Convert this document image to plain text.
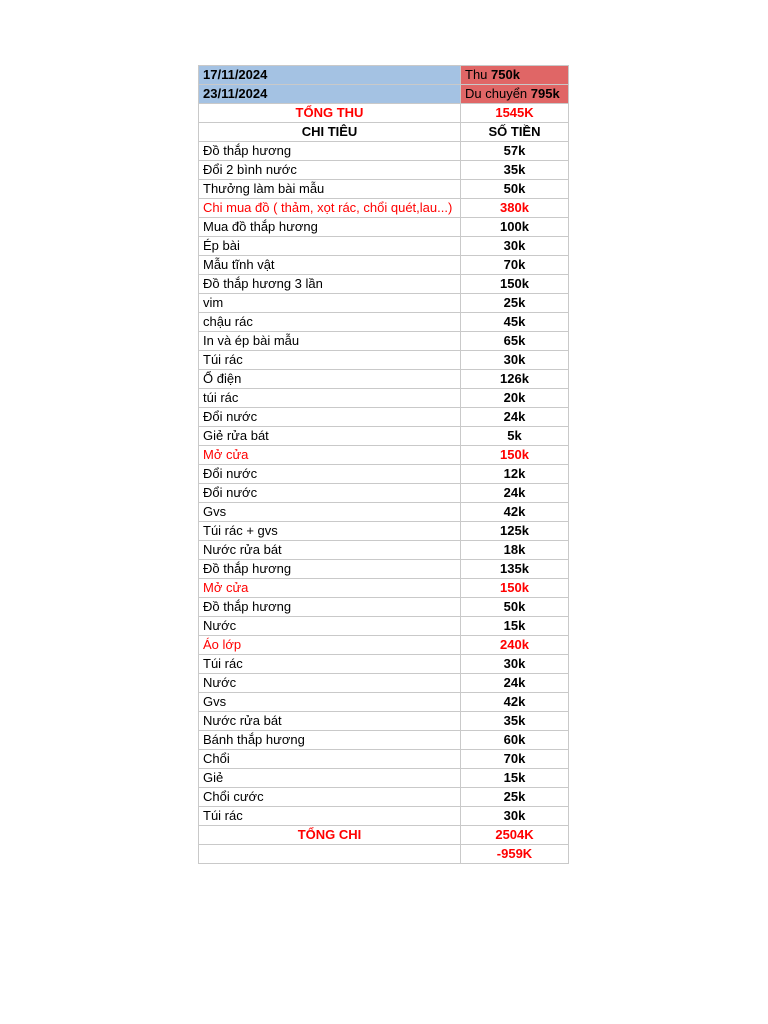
17/11/2024	Thu 750k
23/11/2024	Du chuyển 795k
TỔNG THU	1545K
CHI TIÊU	SỐ TIỀN
Đồ thắp hương	57k
Đổi 2 bình nước	35k
Thưởng làm bài mẫu	50k
Chi mua đồ ( thảm, xọt rác, chổi quét,lau...)	380k
Mua đồ thắp hương	100k
Ép bài	30k
Mẫu tĩnh vật	70k
Đồ thắp hương 3 lần	150k
vim	25k
chậu rác	45k
In và ép bài mẫu	65k
Túi rác	30k
Ổ điện	126k
túi rác	20k
Đổi nước	24k
Giẻ rửa bát	5k
Mở cửa	150k
Đổi nước	12k
Đổi nước	24k
Gvs	42k
Túi rác + gvs	125k
Nước rửa bát	18k
Đồ thắp hương	135k
Mở cửa	150k
Đồ thắp hương	50k
Nước	15k
Áo lớp	240k
Túi rác	30k
Nước	24k
Gvs	42k
Nước rửa bát	35k
Bánh thắp hương	60k
Chổi	70k
Giẻ	15k
Chổi cước	25k
Túi rác	30k
TỔNG CHI	2504K
	-959K
